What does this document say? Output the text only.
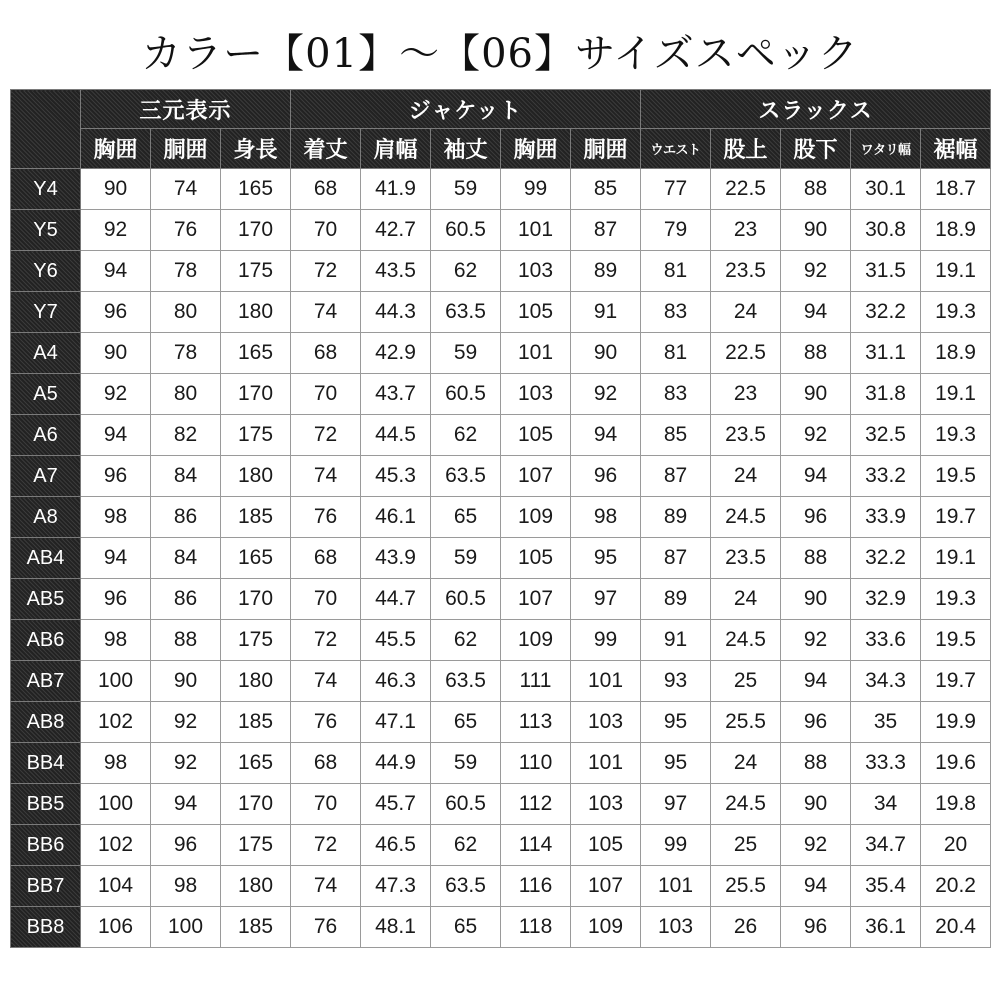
カラー【01】〜【06】サイズスペック
	三元表示			ジャケット					スラックス				
	胸囲	胴囲	身長	着丈	肩幅	袖丈	胸囲	胴囲	ウエスト	股上	股下	ワタリ幅	裾幅
Y4	90	74	165	68	41.9	59	99	85	77	22.5	88	30.1	18.7
Y5	92	76	170	70	42.7	60.5	101	87	79	23	90	30.8	18.9
Y6	94	78	175	72	43.5	62	103	89	81	23.5	92	31.5	19.1
Y7	96	80	180	74	44.3	63.5	105	91	83	24	94	32.2	19.3
A4	90	78	165	68	42.9	59	101	90	81	22.5	88	31.1	18.9
A5	92	80	170	70	43.7	60.5	103	92	83	23	90	31.8	19.1
A6	94	82	175	72	44.5	62	105	94	85	23.5	92	32.5	19.3
A7	96	84	180	74	45.3	63.5	107	96	87	24	94	33.2	19.5
A8	98	86	185	76	46.1	65	109	98	89	24.5	96	33.9	19.7
AB4	94	84	165	68	43.9	59	105	95	87	23.5	88	32.2	19.1
AB5	96	86	170	70	44.7	60.5	107	97	89	24	90	32.9	19.3
AB6	98	88	175	72	45.5	62	109	99	91	24.5	92	33.6	19.5
AB7	100	90	180	74	46.3	63.5	111	101	93	25	94	34.3	19.7
AB8	102	92	185	76	47.1	65	113	103	95	25.5	96	35	19.9
BB4	98	92	165	68	44.9	59	110	101	95	24	88	33.3	19.6
BB5	100	94	170	70	45.7	60.5	112	103	97	24.5	90	34	19.8
BB6	102	96	175	72	46.5	62	114	105	99	25	92	34.7	20
BB7	104	98	180	74	47.3	63.5	116	107	101	25.5	94	35.4	20.2
BB8	106	100	185	76	48.1	65	118	109	103	26	96	36.1	20.4
